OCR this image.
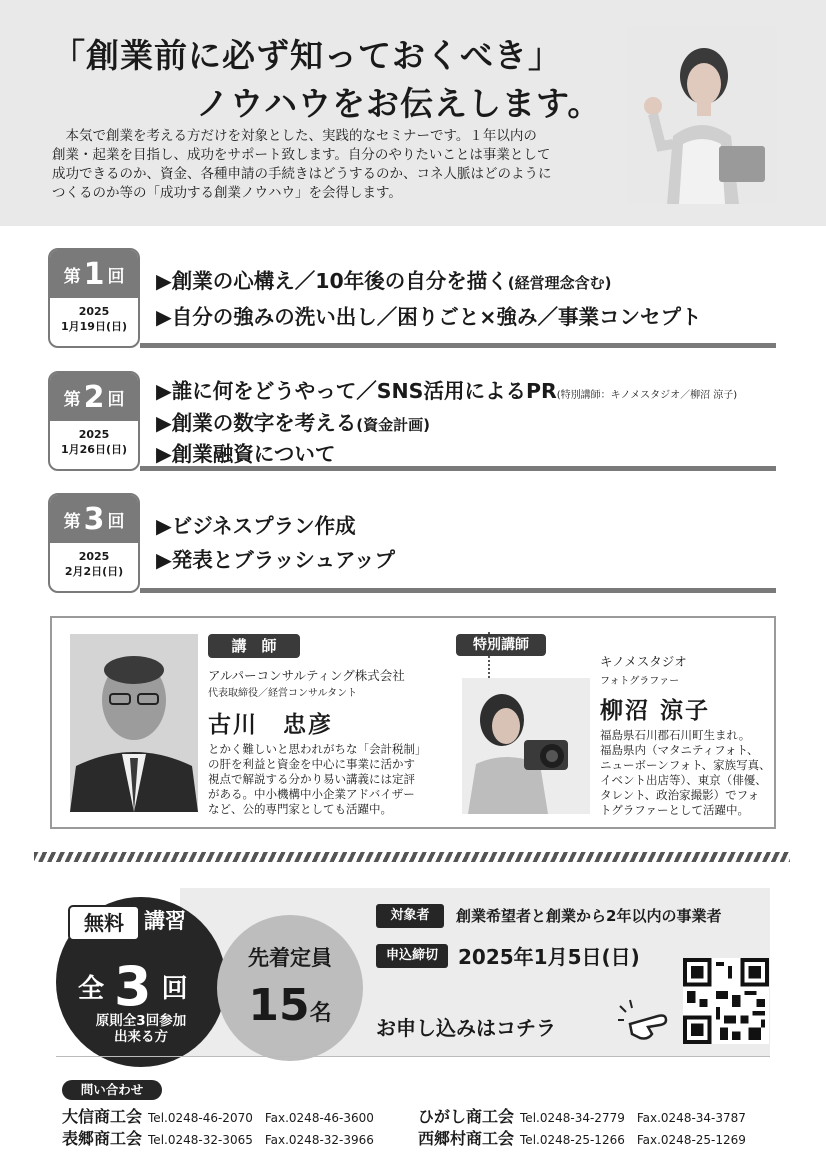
「創業前に必ず知っておくべき」
ノウハウをお伝えします。
　本気で創業を考える方だけを対象とした、実践的なセミナーです。１年以内の
創業・起業を目指し、成功をサポート致します。自分のやりたいことは事業として
成功できるのか、資金、各種申請の手続きはどうするのか、コネ人脈はどのように
つくるのか等の「成功する創業ノウハウ」を会得します。
第 1 回
2025
1月19日(日)
▶創業の心構え／10年後の自分を描く(経営理念含む)
▶自分の強みの洗い出し／困りごと×強み／事業コンセプト
第 2 回
2025
1月26日(日)
▶誰に何をどうやって／SNS活用によるPR(特別講師：キノメスタジオ／柳沼 涼子)
▶創業の数字を考える(資金計画)
▶創業融資について
第 3 回
2025
2月2日(日)
▶ビジネスプラン作成
▶発表とブラッシュアップ
講　師
アルパーコンサルティング株式会社
代表取締役／経営コンサルタント
古川　忠彦
とかく難しいと思われがちな「会計税制」
の肝を利益と資金を中心に事業に活かす
視点で解説する分かり易い講義には定評
がある。中小機構中小企業アドバイザー
など、公的専門家としても活躍中。
特別講師
キノメスタジオ
フォトグラファー
柳沼 涼子
福島県石川郡石川町生まれ。
福島県内（マタニティフォト、
ニューボーンフォト、家族写真、
イベント出店等）、東京（俳優、
タレント、政治家撮影）でフォ
トグラファーとして活躍中。
無料 講習
全 3 回
原則全3回参加
出来る方
先着定員
15名
対象者	創業希望者と創業から2年以内の事業者
申込締切	2025年1月5日(日)
お申し込みはコチラ
問い合わせ
大信商工会 Tel.0248-46-2070　Fax.0248-46-3600
表郷商工会 Tel.0248-32-3065　Fax.0248-32-3966
ひがし商工会 Tel.0248-34-2779　Fax.0248-34-3787
西郷村商工会 Tel.0248-25-1266　Fax.0248-25-1269
